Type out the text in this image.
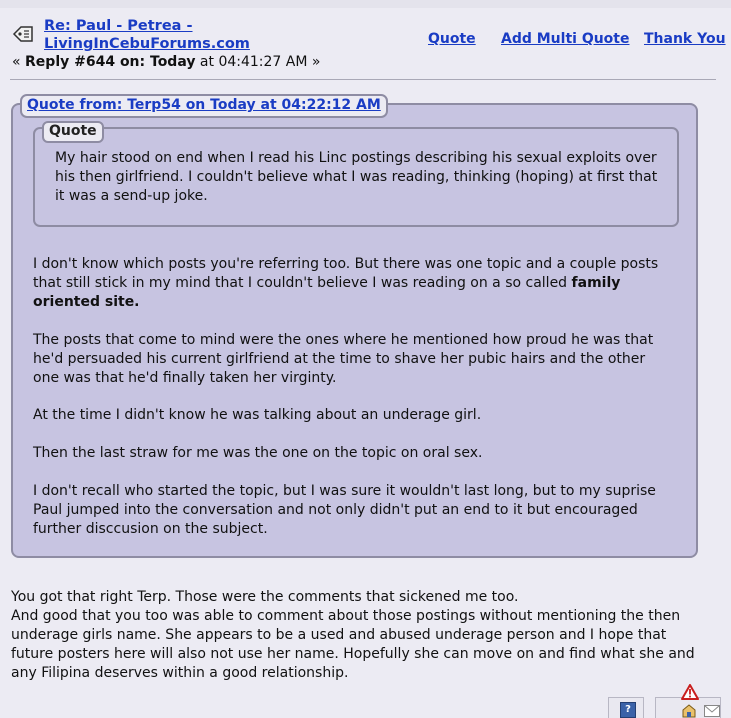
Re: Paul - Petrea -
LivingInCebuForums.com
« Reply #644 on: Today at 04:41:27 AM »
Quote Add Multi Quote Thank You
Quote from: Terp54 on Today at 04:22:12 AM
Quote
My hair stood on end when I read his Linc postings describing his sexual exploits over his then girlfriend. I couldn't believe what I was reading, thinking (hoping) at first that it was a send-up joke.
I don't know which posts you're referring too. But there was one topic and a couple posts that still stick in my mind that I couldn't believe I was reading on a so called family oriented site.
The posts that come to mind were the ones where he mentioned how proud he was that he'd persuaded his current girlfriend at the time to shave her pubic hairs and the other one was that he'd finally taken her virginty.
At the time I didn't know he was talking about an underage girl.
Then the last straw for me was the one on the topic on oral sex.
I don't recall who started the topic, but I was sure it wouldn't last long, but to my suprise Paul jumped into the conversation and not only didn't put an end to it but encouraged further disccusion on the subject.
You got that right Terp. Those were the comments that sickened me too.
And good that you too was able to comment about those postings without mentioning the then underage girls name. She appears to be a used and abused underage person and I hope that future posters here will also not use her name. Hopefully she can move on and find what she and any Filipina deserves within a good relationship.
?
